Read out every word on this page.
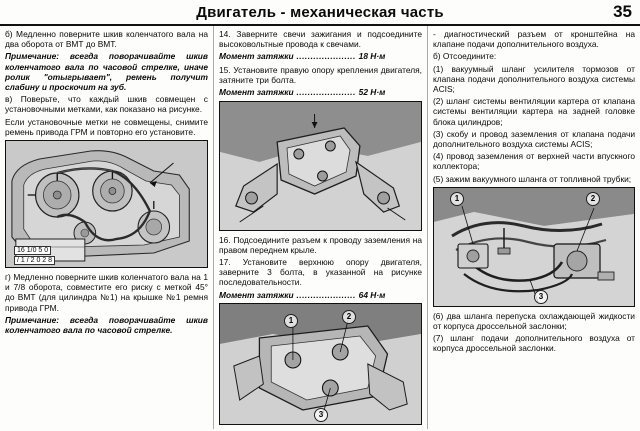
Двигатель - механическая часть	35

б) Медленно поверните шкив коленчатого вала на два оборота от ВМТ до ВМТ.

Примечание: всегда поворачивайте шкив коленчатого вала по часовой стрелке, иначе ролик "отыгрывает", ремень получит слабину и проскочит на зуб.

в) Поверьте, что каждый шкив совмещен с установочными метками, как показано на рисунке.

Если установочные метки не совмещены, снимите ремень привода ГРМ и повторно его установите.

16 1/0 5 0
/ 1 / 2 0 2 8

г) Медленно поверните шкив коленчатого вала на 1 и 7/8 оборота, совместите его риску с меткой 45° до ВМТ (для цилиндра №1) на крышке №1 ремня привода ГРМ.

Примечание: всегда поворачивайте шкив коленчатого вала по часовой стрелке.

14. Заверните свечи зажигания и подсоедините высоковольтные провода к свечами.

Момент затяжки ..................... 18 Н·м

15. Установите правую опору крепления двигателя, затяните три болта.

Момент затяжки ..................... 52 Н·м

16. Подсоедините разъем к проводу заземления на правом переднем крыле.

17. Установите верхнюю опору двигателя, заверните 3 болта, в указанной на рисунке последовательности.

Момент затяжки ..................... 64 Н·м
1	2
3

- диагностический разъем от кронштейна на клапане подачи дополнительного воздуха.

б) Отсоедините:

(1) вакуумный шланг усилителя тормозов от клапана подачи дополнительного воздуха системы ACIS;

(2) шланг системы вентиляции картера от клапана системы вентиляции картера на задней головке блока цилиндров;

(3) скобу и провод заземления от клапана подачи дополнительного воздуха системы ACIS;

(4) провод заземления от верхней части впускного коллектора;

(5) зажим вакуумного шланга от топливной трубки;

1	2
3

(6) два шланга перепуска охлаждающей жидкости от корпуса дроссельной заслонки;

(7) шланг подачи дополнительного воздуха от корпуса дроссельной заслонки.
